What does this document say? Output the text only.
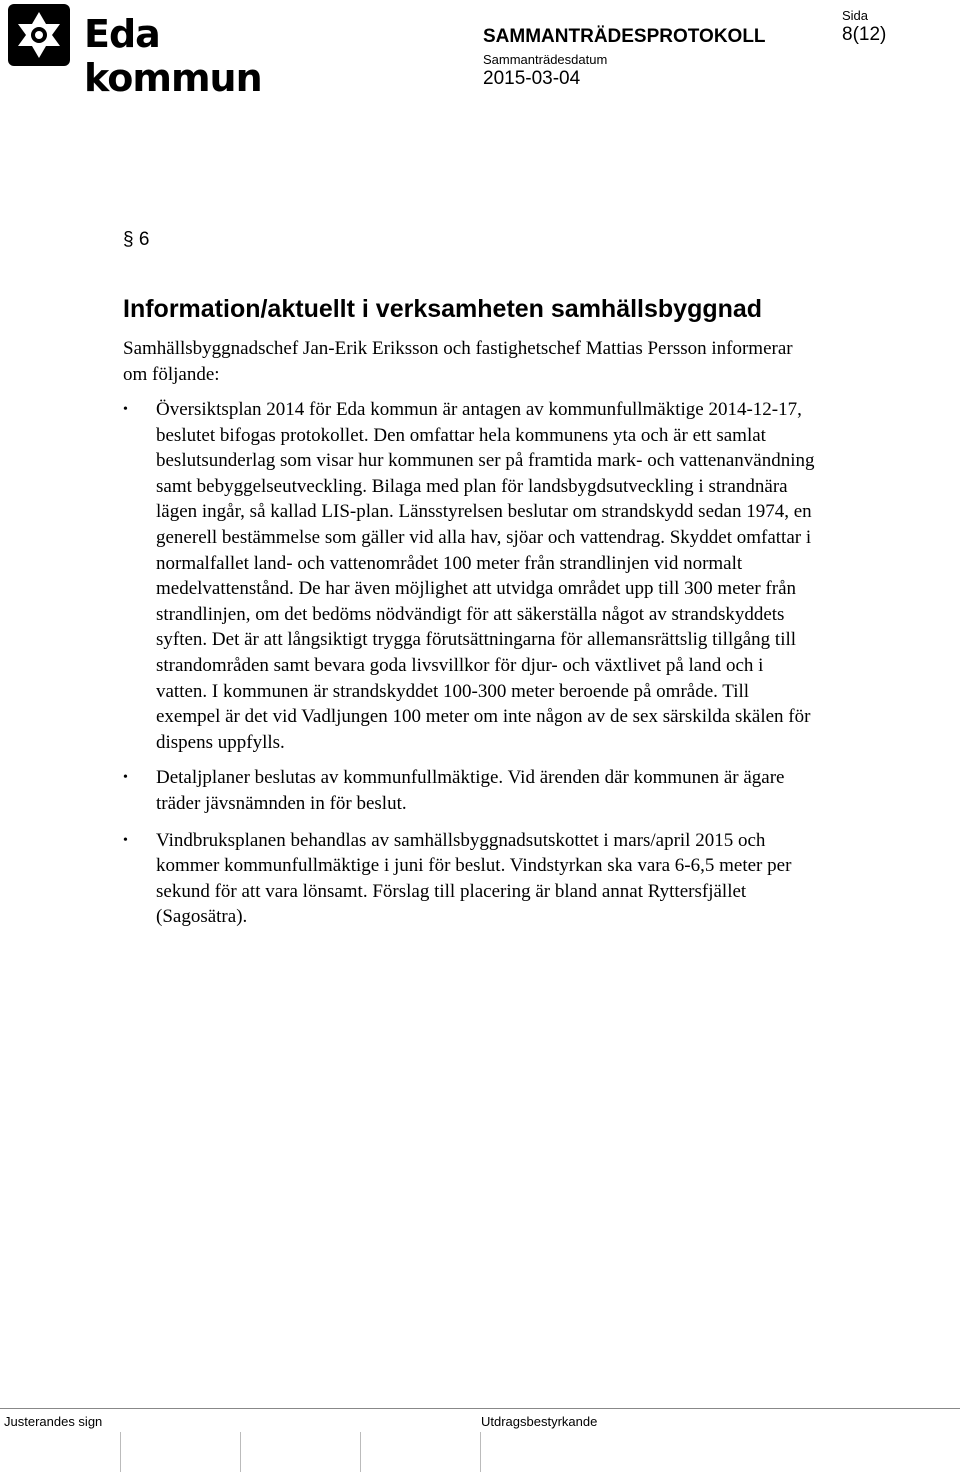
Eda kommun
SAMMANTRÄDESPROTOKOLL
Sammanträdesdatum
2015-03-04
Sida
8(12)
§ 6
Information/aktuellt i verksamheten samhällsbyggnad

Samhällsbyggnadschef Jan-Erik Eriksson och fastighetschef Mattias Persson informerar om följande:

• Översiktsplan 2014 för Eda kommun är antagen av kommunfullmäktige 2014-12-17, beslutet bifogas protokollet. Den omfattar hela kommunens yta och är ett samlat beslutsunderlag som visar hur kommunen ser på framtida mark- och vattenanvändning samt bebyggelseutveckling. Bilaga med plan för landsbygdsutveckling i strandnära lägen ingår, så kallad LIS-plan. Länsstyrelsen beslutar om strandskydd sedan 1974, en generell bestämmelse som gäller vid alla hav, sjöar och vattendrag. Skyddet omfattar i normalfallet land- och vattenområdet 100 meter från strandlinjen vid normalt medelvattenstånd. De har även möjlighet att utvidga området upp till 300 meter från strandlinjen, om det bedöms nödvändigt för att säkerställa något av strandskyddets syften. Det är att långsiktigt trygga förutsättningarna för allemansrättslig tillgång till strandområden samt bevara goda livsvillkor för djur- och växtlivet på land och i vatten. I kommunen är strandskyddet 100-300 meter beroende på område. Till exempel är det vid Vadljungen 100 meter om inte någon av de sex särskilda skälen för dispens uppfylls.
• Detaljplaner beslutas av kommunfullmäktige. Vid ärenden där kommunen är ägare träder jävsnämnden in för beslut.
• Vindbruksplanen behandlas av samhällsbyggnadsutskottet i mars/april 2015 och kommer kommunfullmäktige i juni för beslut. Vindstyrkan ska vara 6-6,5 meter per sekund för att vara lönsamt. Förslag till placering är bland annat Ryttersfjället (Sagosätra).
Justerandes sign	Utdragsbestyrkande
